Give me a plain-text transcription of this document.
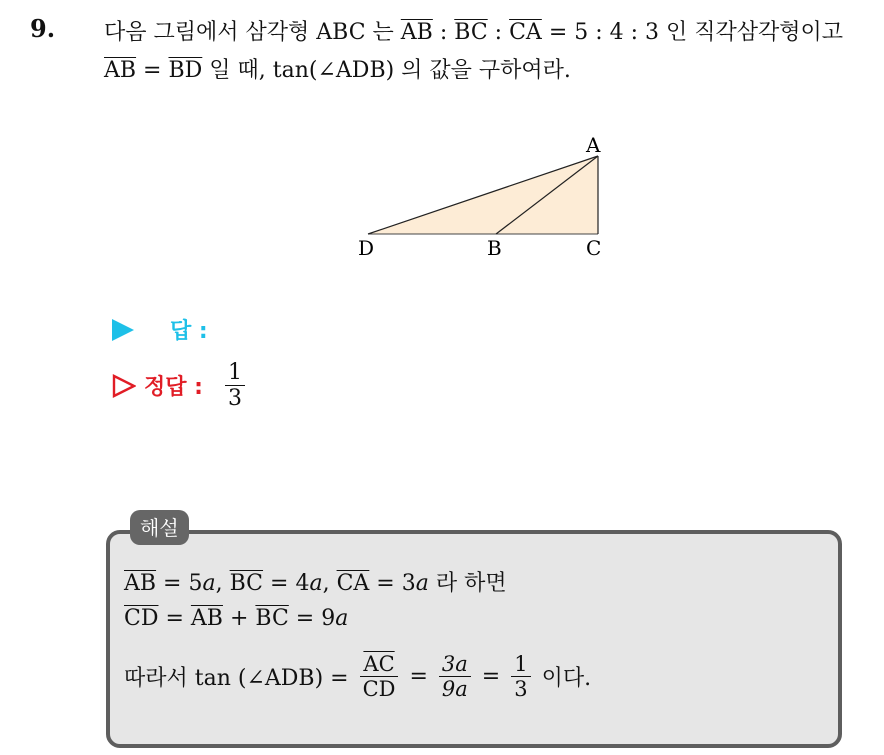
9. 다음 그림에서 삼각형 ABC 는 $\overline{AB}$ : $\overline{BC}$ : $\overline{CA} = 5$ : 4 : 3 인 직각삼각형이고 $\overline{AB} = \overline{BD}$ 일 때, tan(∠ADB) 의 값을 구하여라.
A
B	C
D
답 :
정답 : $\frac{1}{3}$
해설
$\overline{AB} = 5a$, $\overline{BC} = 4a$, $\overline{CA} = 3a$ 라 하면
$\overline{CD} = \overline{AB} + \overline{BC} = 9a$
따라서 tan (∠ADB) = $\frac{\overline{AC}}{CD} = \frac{3a}{9a} = \frac{1}{3}$ 이다.
